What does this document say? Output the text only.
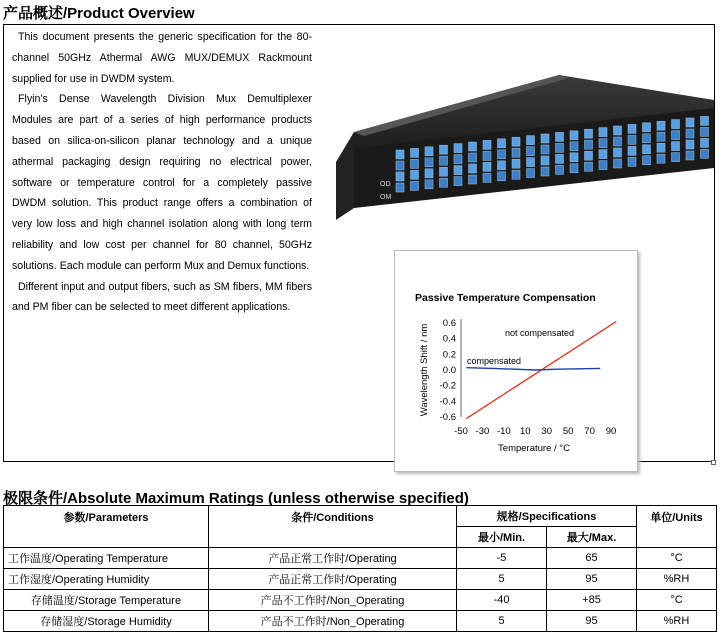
产品概述/Product Overview

This document presents the generic specification for the 80-channel 50GHz Athermal AWG MUX/DEMUX Rackmount supplied for use in DWDM system.

Flyin’s Dense Wavelength Division Mux Demultiplexer Modules are part of a series of high performance products based on silica-on-silicon planar technology and a unique athermal packaging design requiring no electrical power, software or temperature control for a completely passive DWDM solution. This product range offers a combination of very low loss and high channel isolation along with long term reliability and low cost per channel for 80 channel, 50GHz solutions. Each module can perform Mux and Demux functions.

Different input and output fibers, such as SM fibers, MM fibers and PM fiber can be selected to meet different applications.

OD
OM
Passive Temperature Compensation
Wavelength Shift / nm
Temperature / °C
0.6
0.4
0.2
0.0
-0.2
-0.4
-0.6
-50 -30 -10 10 30 50 70 90
not compensated
compensated
极限条件/Absolute Maximum Ratings (unless otherwise specified)
参数/Parameters	条件/Conditions	规格/Specifications		单位/Units
		最小/Min.	最大/Max.	
工作温度/Operating Temperature	产品正常工作时/Operating	-5	65	°C
工作湿度/Operating Humidity	产品正常工作时/Operating	5	95	%RH
存储温度/Storage Temperature	产品不工作时/Non_Operating	-40	+85	°C
存储湿度/Storage Humidity	产品不工作时/Non_Operating	5	95	%RH
